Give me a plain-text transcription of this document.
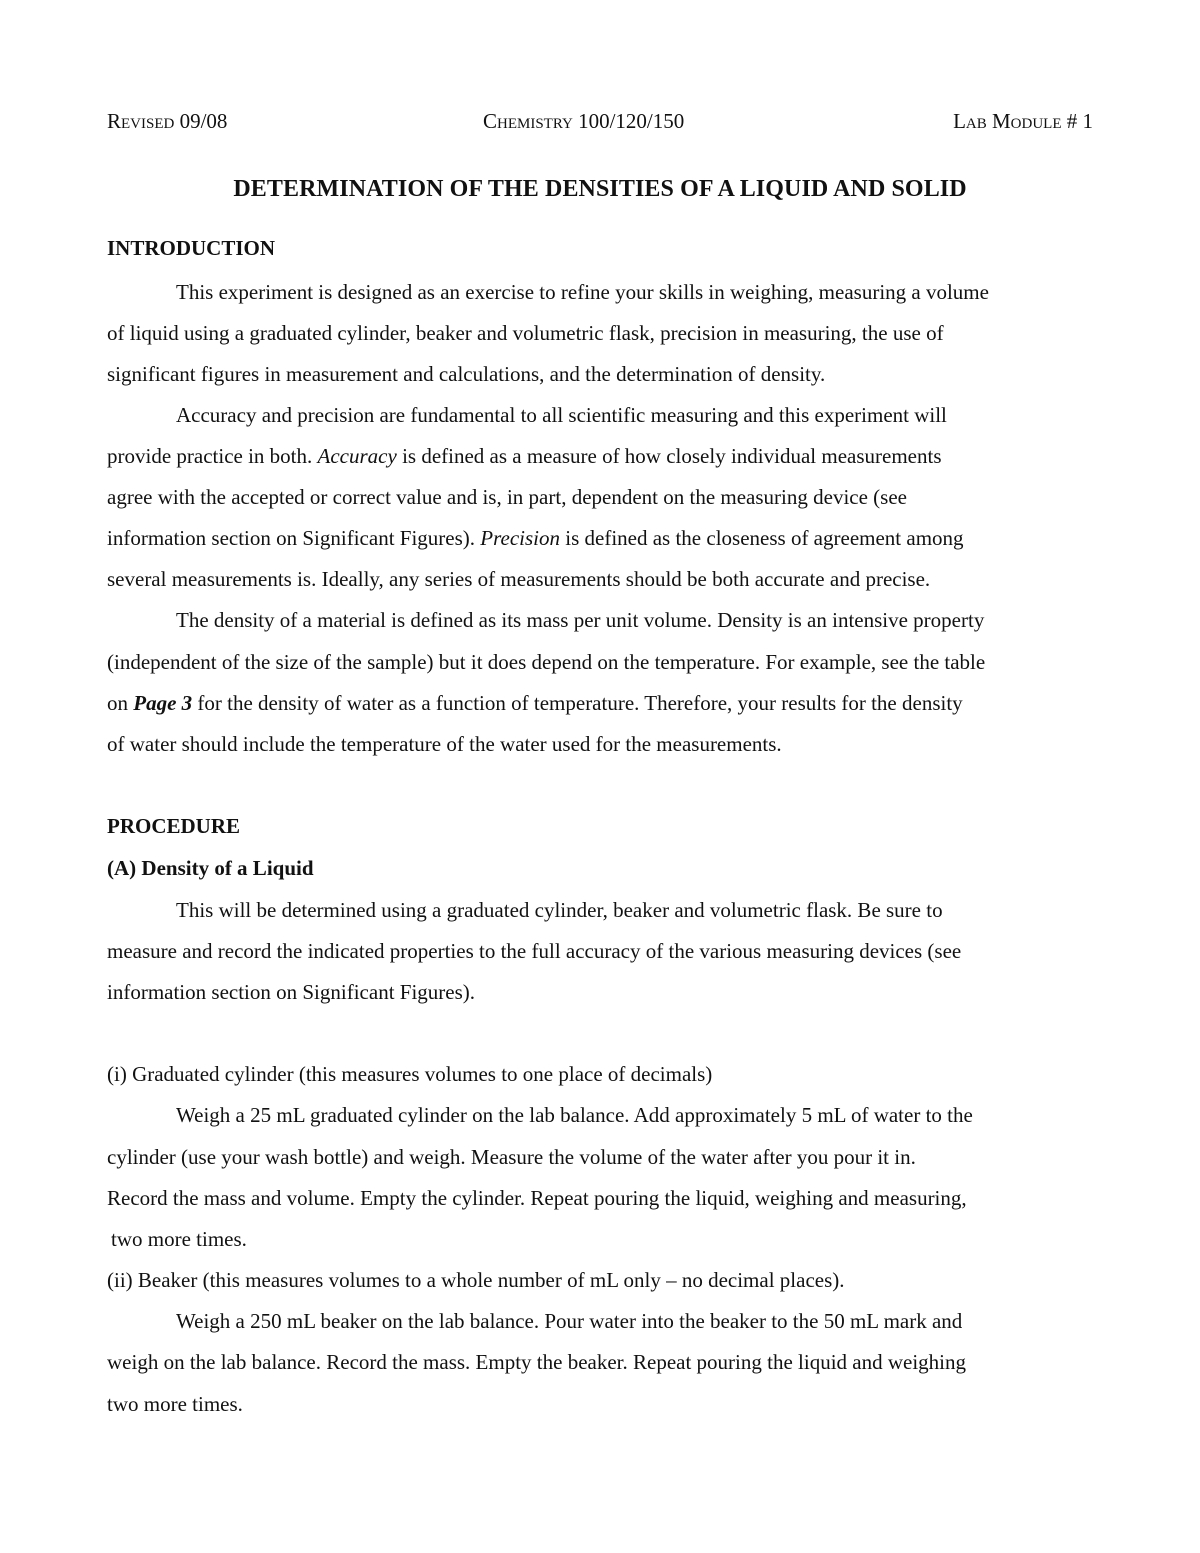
Revised 09/08	Chemistry 100/120/150	Lab Module # 1
DETERMINATION OF THE DENSITIES OF A LIQUID AND SOLID
INTRODUCTION
This experiment is designed as an exercise to refine your skills in weighing, measuring a volume
of liquid using a graduated cylinder, beaker and volumetric flask, precision in measuring, the use of
significant figures in measurement and calculations, and the determination of density.
Accuracy and precision are fundamental to all scientific measuring and this experiment will
provide practice in both. Accuracy is defined as a measure of how closely individual measurements
agree with the accepted or correct value and is, in part, dependent on the measuring device (see
information section on Significant Figures). Precision is defined as the closeness of agreement among
several measurements is. Ideally, any series of measurements should be both accurate and precise.
The density of a material is defined as its mass per unit volume. Density is an intensive property
(independent of the size of the sample) but it does depend on the temperature. For example, see the table
on Page 3 for the density of water as a function of temperature. Therefore, your results for the density
of water should include the temperature of the water used for the measurements.
PROCEDURE
(A) Density of a Liquid
This will be determined using a graduated cylinder, beaker and volumetric flask. Be sure to
measure and record the indicated properties to the full accuracy of the various measuring devices (see
information section on Significant Figures).
(i) Graduated cylinder (this measures volumes to one place of decimals)
Weigh a 25 mL graduated cylinder on the lab balance. Add approximately 5 mL of water to the
cylinder (use your wash bottle) and weigh. Measure the volume of the water after you pour it in.
Record the mass and volume. Empty the cylinder. Repeat pouring the liquid, weighing and measuring,
two more times.
(ii) Beaker (this measures volumes to a whole number of mL only – no decimal places).
Weigh a 250 mL beaker on the lab balance. Pour water into the beaker to the 50 mL mark and
weigh on the lab balance. Record the mass. Empty the beaker. Repeat pouring the liquid and weighing
two more times.
